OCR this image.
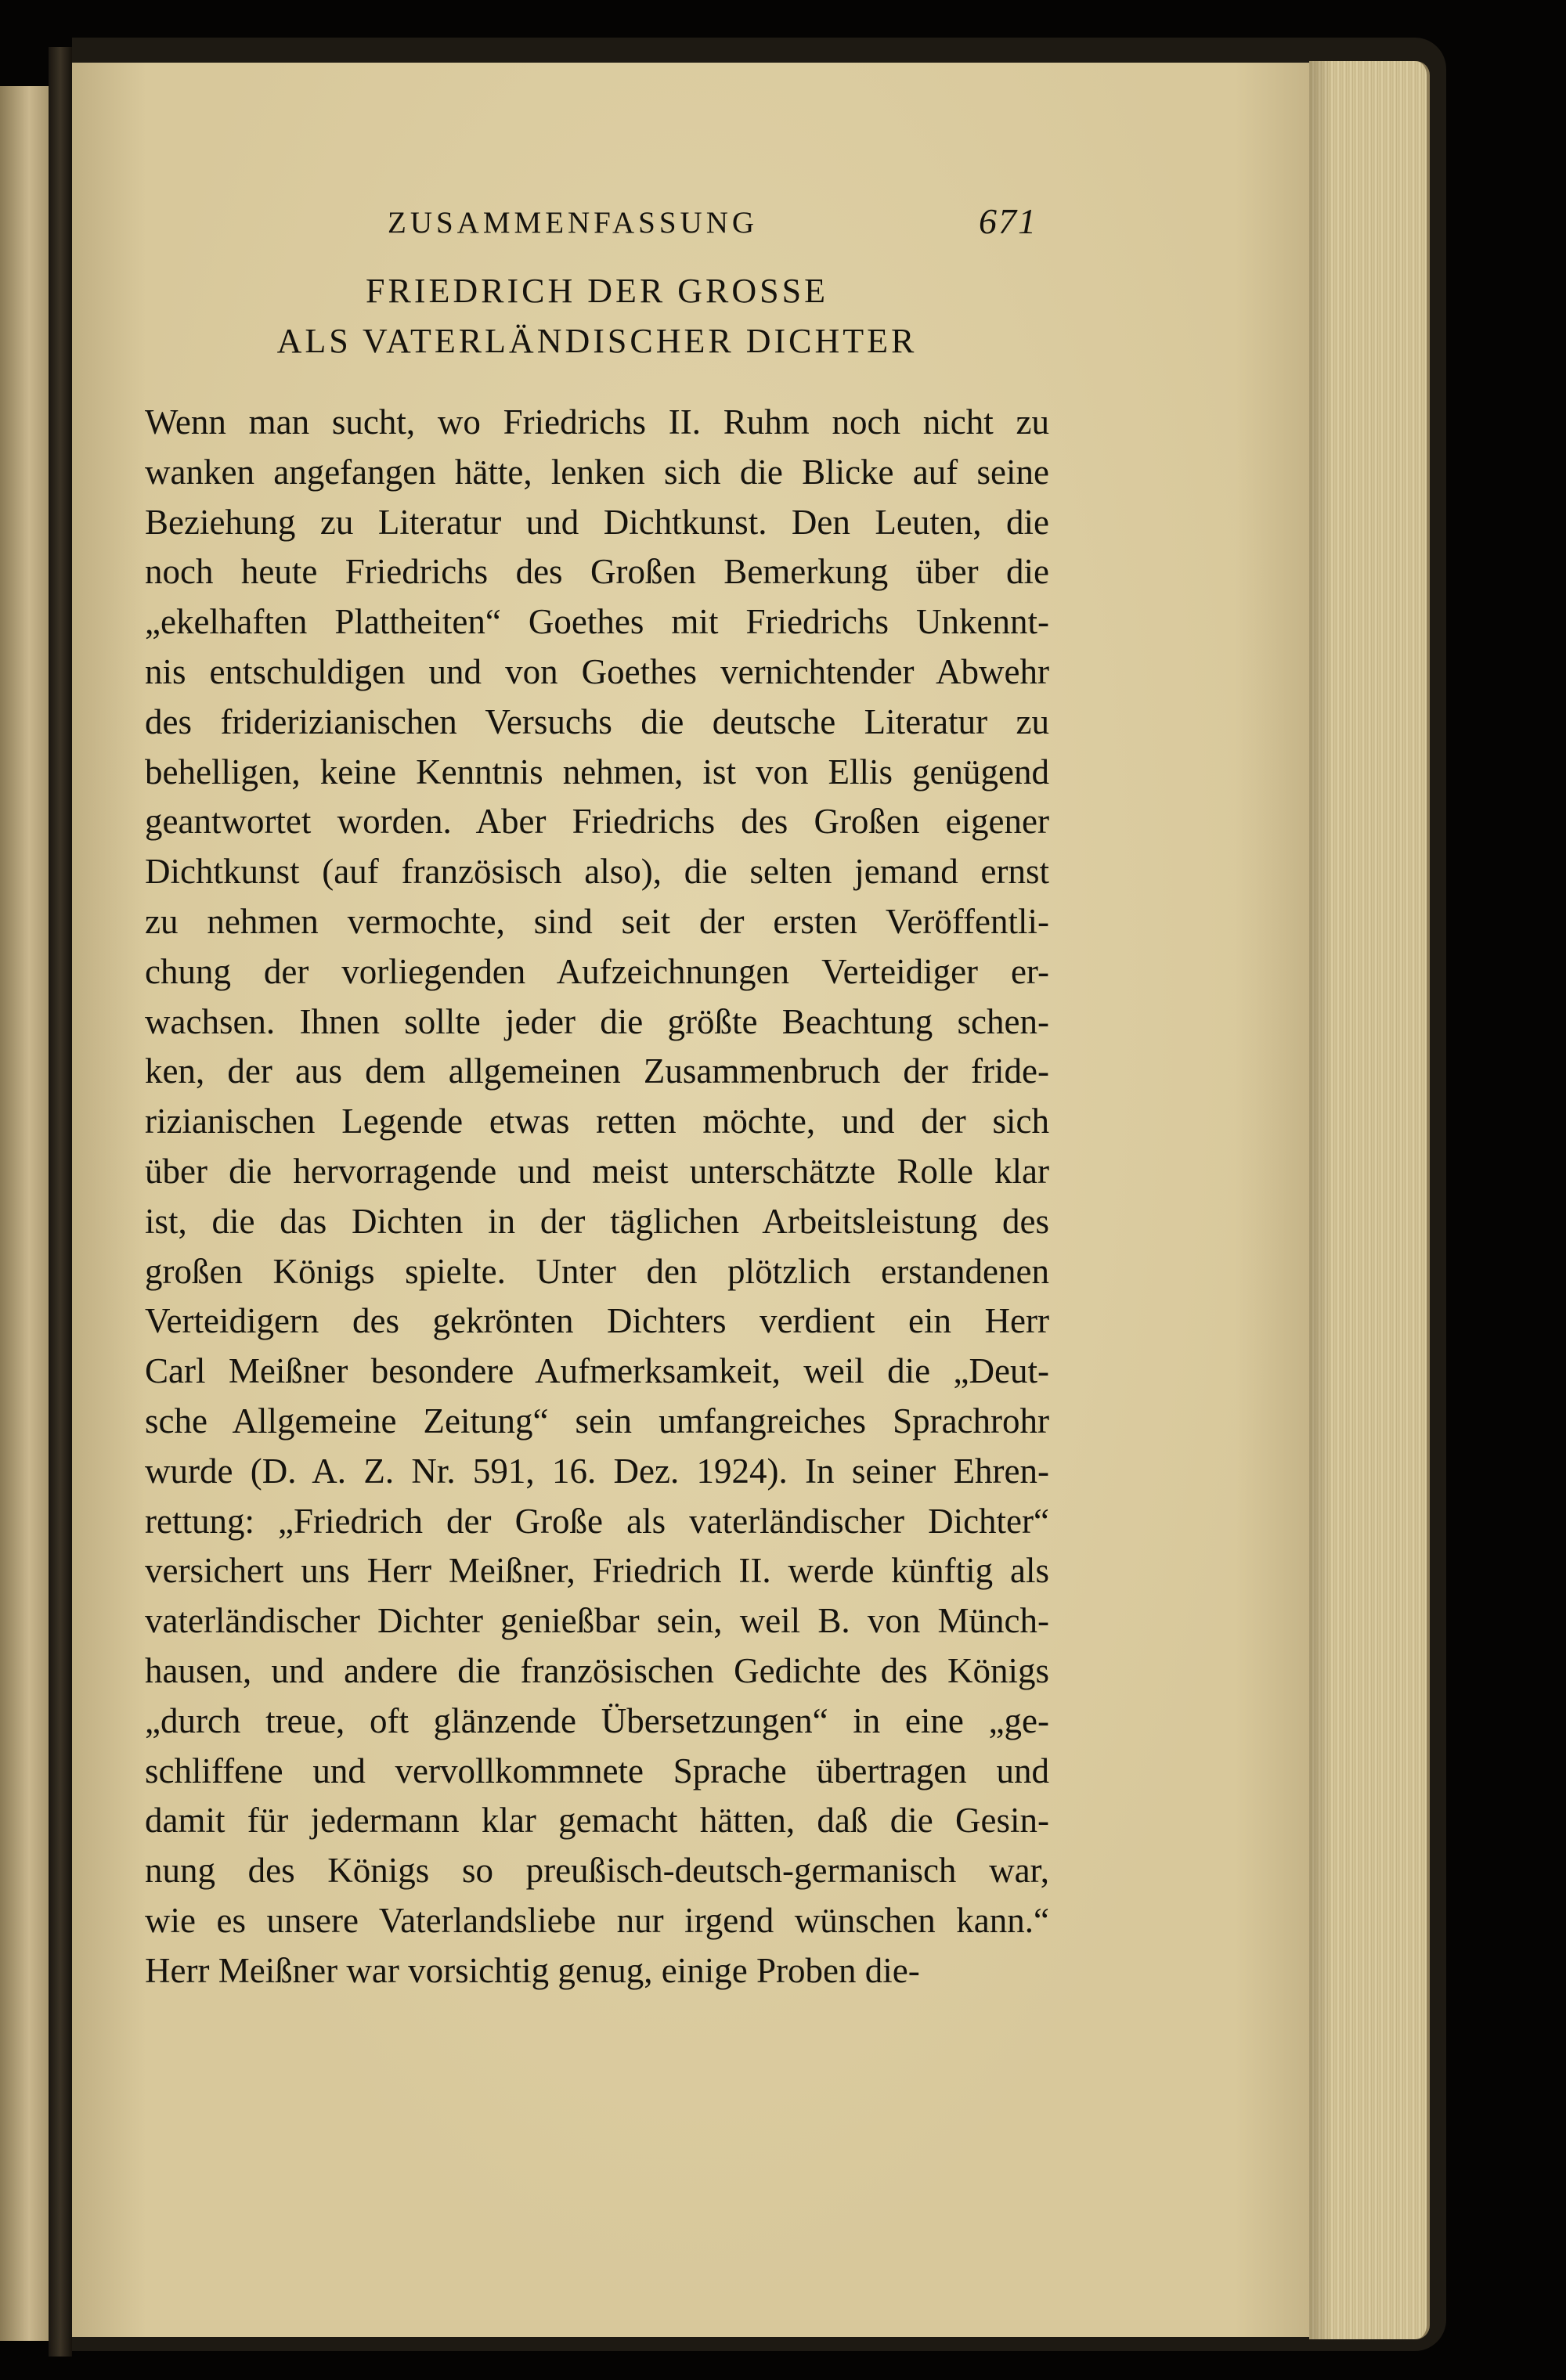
ZUSAMMENFASSUNG	671
FRIEDRICH DER GROSSE
ALS VATERLÄNDISCHER DICHTER
Wenn man sucht, wo Friedrichs II. Ruhm noch nicht zu
wanken angefangen hätte, lenken sich die Blicke auf seine
Beziehung zu Literatur und Dichtkunst. Den Leuten, die
noch heute Friedrichs des Großen Bemerkung über die
„ekelhaften Plattheiten“ Goethes mit Friedrichs Unkennt-
nis entschuldigen und von Goethes vernichtender Abwehr
des friderizianischen Versuchs die deutsche Literatur zu
behelligen, keine Kenntnis nehmen, ist von Ellis genügend
geantwortet worden. Aber Friedrichs des Großen eigener
Dichtkunst (auf französisch also), die selten jemand ernst
zu nehmen vermochte, sind seit der ersten Veröffentli-
chung der vorliegenden Aufzeichnungen Verteidiger er-
wachsen. Ihnen sollte jeder die größte Beachtung schen-
ken, der aus dem allgemeinen Zusammenbruch der fride-
rizianischen Legende etwas retten möchte, und der sich
über die hervorragende und meist unterschätzte Rolle klar
ist, die das Dichten in der täglichen Arbeitsleistung des
großen Königs spielte. Unter den plötzlich erstandenen
Verteidigern des gekrönten Dichters verdient ein Herr
Carl Meißner besondere Aufmerksamkeit, weil die „Deut-
sche Allgemeine Zeitung“ sein umfangreiches Sprachrohr
wurde (D. A. Z. Nr. 591, 16. Dez. 1924). In seiner Ehren-
rettung: „Friedrich der Große als vaterländischer Dichter“
versichert uns Herr Meißner, Friedrich II. werde künftig als
vaterländischer Dichter genießbar sein, weil B. von Münch-
hausen, und andere die französischen Gedichte des Königs
„durch treue, oft glänzende Übersetzungen“ in eine „ge-
schliffene und vervollkommnete Sprache übertragen und
damit für jedermann klar gemacht hätten, daß die Gesin-
nung des Königs so preußisch-deutsch-germanisch war,
wie es unsere Vaterlandsliebe nur irgend wünschen kann.“
Herr Meißner war vorsichtig genug, einige Proben die-
